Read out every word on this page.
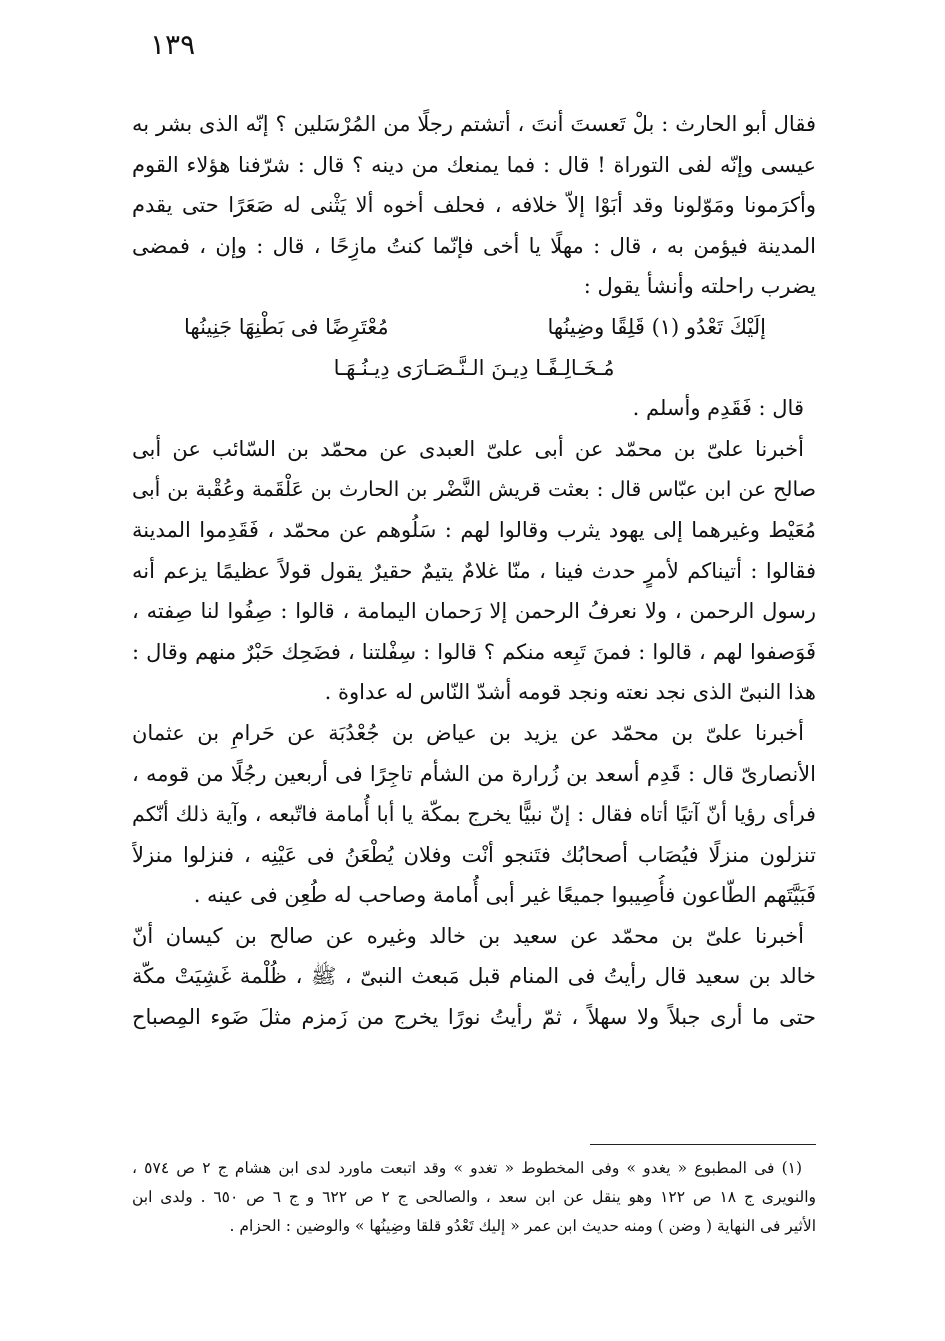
١٣٩
فقال أبو الحارث : بلْ تَعستَ أنتَ ، أتشتم رجلًا من المُرْسَلين ؟ إنّه الذى بشر به
عيسى وإنّه لفى التوراة ! قال : فما يمنعك من دينه ؟ قال : شرّفنا هؤلاء القوم
وأكرَمونا ومَوّلونا وقد أبَوْا إلاّ خلافه ، فحلف أخوه ألا يَثْنى له صَعَرًا حتى يقدم
المدينة فيؤمن به ، قال : مهلًا يا أخى فإنّما كنتُ مازِحًا ، قال : وإن ، فمضى
يضرب راحلته وأنشأ يقول :
إلَيْكَ تَعْدُو (١) قَلِقًا وضِينُها
مُعْتَرِضًا فى بَطْنِهَا جَنِينُها
مُـخَـالِـفًـا دِيـنَ الـنَّـصَـارَى دِيـنُـهَـا
قال : فَقَدِم وأسلم .
أخبرنا علىّ بن محمّد عن أبى علىّ العبدى عن محمّد بن السّائب عن أبى
صالح عن ابن عبّاس قال : بعثت قريش النَّضْر بن الحارث بن عَلْقَمة وعُقْبة بن أبى
مُعَيْط وغيرهما إلى يهود يثرب وقالوا لهم : سَلُوهم عن محمّد ، فَقَدِموا المدينة
فقالوا : أتيناكم لأمرٍ حدث فينا ، منّا غلامٌ يتيمٌ حقيرٌ يقول قولاً عظيمًا يزعم أنه
رسول الرحمن ، ولا نعرفُ الرحمن إلا رَحمان اليمامة ، قالوا : صِفُوا لنا صِفته ،
فَوَصفوا لهم ، قالوا : فمنَ تَبِعه منكم ؟ قالوا : سِفْلتنا ، فضَحِك حَبْرٌ منهم وقال :
هذا النبىّ الذى نجد نعته ونجد قومه أشدّ النّاس له عداوة .
أخبرنا علىّ بن محمّد عن يزيد بن عياض بن جُعْدُبَة عن حَرامِ بن عثمان
الأنصارىّ قال : قَدِم أسعد بن زُرارة من الشأم تاجِرًا فى أربعين رجُلًا من قومه ،
فرأى رؤيا أنّ آتيًا أتاه فقال : إنّ نبيًّا يخرج بمكّة يا أبا أُمامة فاتّبعه ، وآية ذلك أنّكم
تنزلون منزلًا فيُصَاب أصحابُك فتَنجو أنْت وفلان يُطْعَنُ فى عَيْنِه ، فنزلوا منزلاً
فَبَيَّتَهم الطّاعون فأُصِيبوا جميعًا غير أبى أُمامة وصاحب له طُعِن فى عينه .
أخبرنا علىّ بن محمّد عن سعيد بن خالد وغيره عن صالح بن كيسان أنّ
خالد بن سعيد قال رأيتُ فى المنام قبل مَبعث النبىّ ، ﷺ ، ظُلْمة غَشِيَتْ مكّة
حتى ما أرى جبلاً ولا سهلاً ، ثمّ رأيتُ نورًا يخرج من زَمزم مثلَ ضَوء المِصباح
(١) فى المطبوع « يغدو » وفى المخطوط « تغدو » وقد اتبعت ماورد لدى ابن هشام ج ٢ ص ٥٧٤ ،
والنويرى ج ١٨ ص ١٢٢ وهو ينقل عن ابن سعد ، والصالحى ج ٢ ص ٦٢٢ و ج ٦ ص ٦٥٠ . ولدى ابن
الأثير فى النهاية ( وضن ) ومنه حديث ابن عمر « إليك تَعْدُو قلقا وضِينُها » والوضين : الحزام .
